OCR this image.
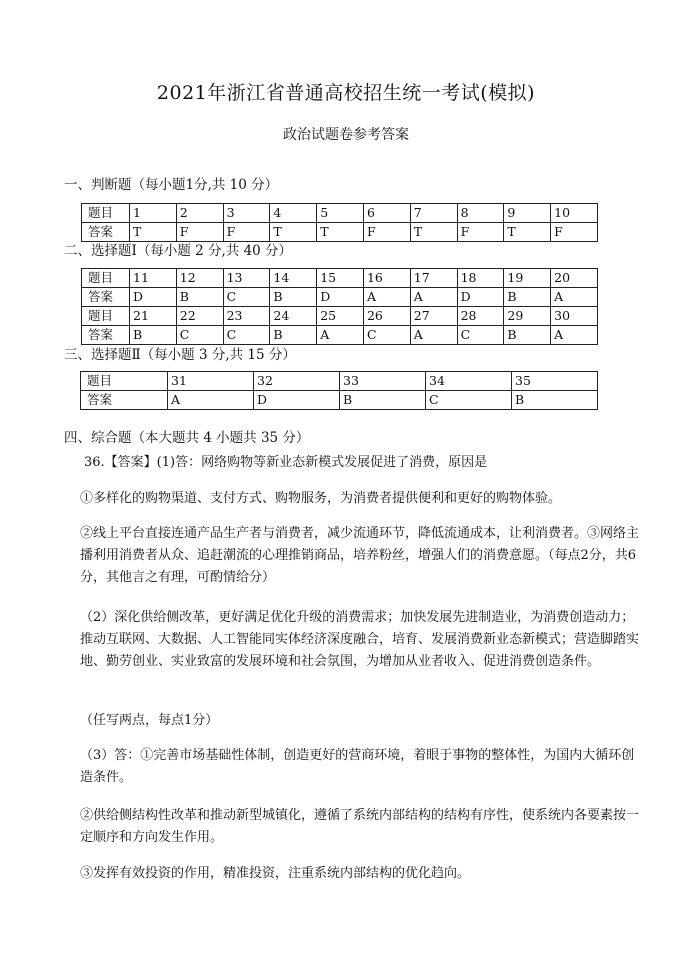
2021年浙江省普通高校招生统一考试(模拟)
政治试题卷参考答案
一、判断题（每小题1分,共 10 分）
题目	1	2	3	4	5	6	7	8	9	10
答案	T	F	F	T	T	F	T	F	T	F
二、选择题Ⅰ（每小题 2 分,共 40 分）
题目	11	12	13	14	15	16	17	18	19	20
答案	D	B	C	B	D	A	A	D	B	A
题目	21	22	23	24	25	26	27	28	29	30
答案	B	C	C	B	A	C	A	C	B	A
三、选择题Ⅱ（每小题 3 分,共 15 分）
题目	31	32	33	34	35
答案	A	D	B	C	B
四、综合题（本大题共 4 小题共 35 分）
36.【答案】(1)答：网络购物等新业态新模式发展促进了消费，原因是
①多样化的购物渠道、支付方式、购物服务，为消费者提供便利和更好的购物体验。
②线上平台直接连通产品生产者与消费者，减少流通环节，降低流通成本，让利消费者。③网络主播利用消费者从众、追赶潮流的心理推销商品，培养粉丝，增强人们的消费意愿。（每点2分，共6分，其他言之有理，可酌情给分）
（2）深化供给侧改革，更好满足优化升级的消费需求；加快发展先进制造业，为消费创造动力；推动互联网、大数据、人工智能同实体经济深度融合，培育、发展消费新业态新模式；营造脚踏实地、勤劳创业、实业致富的发展环境和社会氛围，为增加从业者收入、促进消费创造条件。
（任写两点，每点1分）
（3）答：①完善市场基础性体制，创造更好的营商环境，着眼于事物的整体性，为国内大循环创造条件。
②供给侧结构性改革和推动新型城镇化，遵循了系统内部结构的结构有序性，使系统内各要素按一定顺序和方向发生作用。
③发挥有效投资的作用，精准投资，注重系统内部结构的优化趋向。
